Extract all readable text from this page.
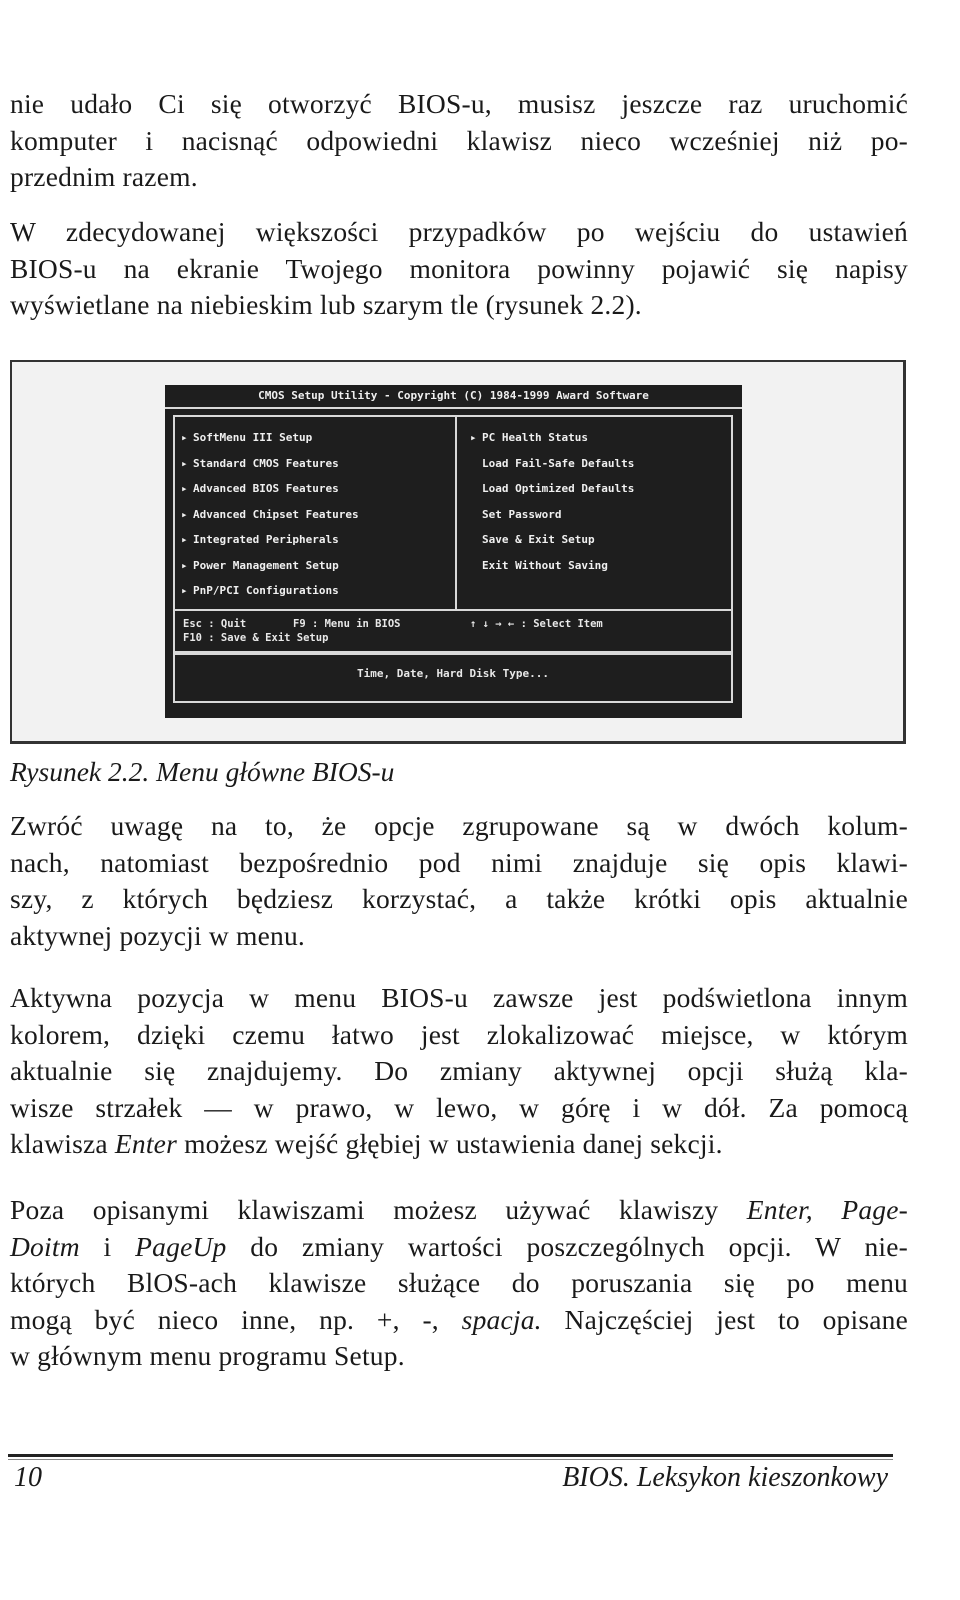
nie udało Ci się otworzyć BIOS-u, musisz jeszcze raz uruchomić
komputer i nacisnąć odpowiedni klawisz nieco wcześniej niż po-
przednim razem.

W zdecydowanej większości przypadków po wejściu do ustawień
BIOS-u na ekranie Twojego monitora powinny pojawić się napisy
wyświetlane na niebieskim lub szarym tle (rysunek 2.2).

CMOS Setup Utility - Copyright (C) 1984-1999 Award Software
▸ SoftMenu III Setup
▸ Standard CMOS Features
▸ Advanced BIOS Features
▸ Advanced Chipset Features
▸ Integrated Peripherals
▸ Power Management Setup
▸ PnP/PCI Configurations
▸ PC Health Status
Load Fail-Safe Defaults
Load Optimized Defaults
Set Password
Save & Exit Setup
Exit Without Saving
Esc : Quit	F9 : Menu in BIOS	↑ ↓ → ← : Select Item
F10 : Save & Exit Setup
Time, Date, Hard Disk Type...
Rysunek 2.2. Menu główne BIOS-u

Zwróć uwagę na to, że opcje zgrupowane są w dwóch kolum-
nach, natomiast bezpośrednio pod nimi znajduje się opis klawi-
szy, z których będziesz korzystać, a także krótki opis aktualnie
aktywnej pozycji w menu.

Aktywna pozycja w menu BIOS-u zawsze jest podświetlona innym
kolorem, dzięki czemu łatwo jest zlokalizować miejsce, w którym
aktualnie się znajdujemy. Do zmiany aktywnej opcji służą kla-
wisze strzałek — w prawo, w lewo, w górę i w dół. Za pomocą
klawisza Enter możesz wejść głębiej w ustawienia danej sekcji.

Poza opisanymi klawiszami możesz używać klawiszy Enter, Page-
Doitm i PageUp do zmiany wartości poszczególnych opcji. W nie-
których BlOS-ach klawisze służące do poruszania się po menu
mogą być nieco inne, np. +, -, spacja. Najczęściej jest to opisane
w głównym menu programu Setup.

10	BIOS. Leksykon kieszonkowy
